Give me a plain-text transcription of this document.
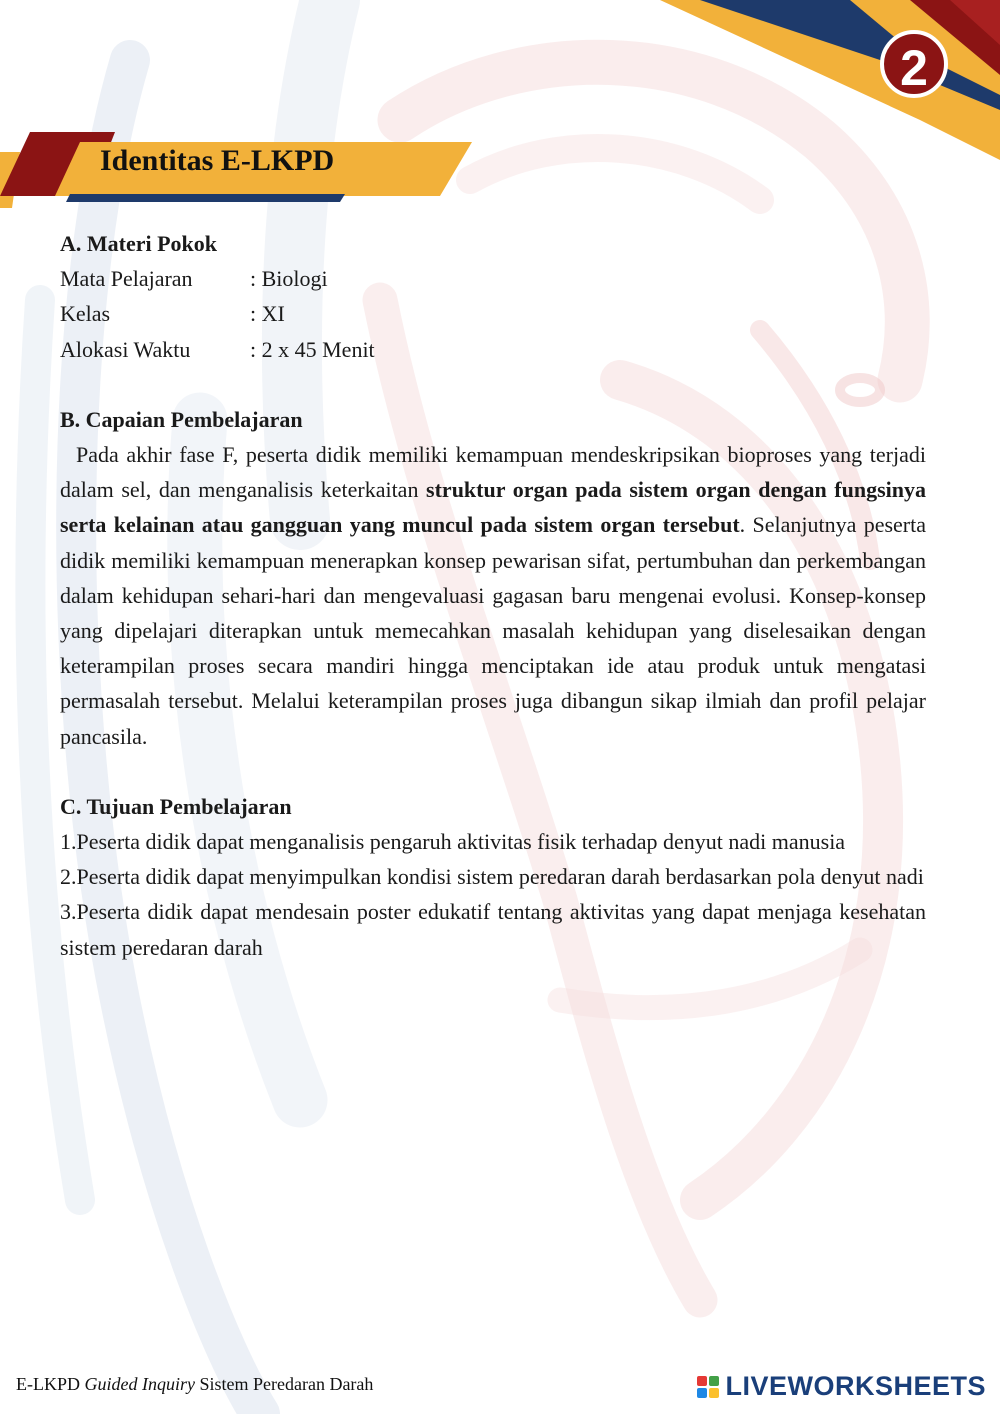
2
Identitas E-LKPD
A. Materi Pokok
Mata Pelajaran	: Biologi
Kelas	: XI
Alokasi Waktu	: 2 x 45 Menit
B. Capaian Pembelajaran
Pada akhir fase F, peserta didik memiliki kemampuan mendeskripsikan bioproses yang terjadi dalam sel, dan menganalisis keterkaitan struktur organ pada sistem organ dengan fungsinya serta kelainan atau gangguan yang muncul pada sistem organ tersebut. Selanjutnya peserta didik memiliki kemampuan menerapkan konsep pewarisan sifat, pertumbuhan dan perkembangan dalam kehidupan sehari-hari dan mengevaluasi gagasan baru mengenai evolusi. Konsep-konsep yang dipelajari diterapkan untuk memecahkan masalah kehidupan yang diselesaikan dengan keterampilan proses secara mandiri hingga menciptakan ide atau produk untuk mengatasi permasalah tersebut. Melalui keterampilan proses juga dibangun sikap ilmiah dan profil pelajar pancasila.
C. Tujuan Pembelajaran
1.Peserta didik dapat menganalisis pengaruh aktivitas fisik terhadap denyut nadi manusia
2.Peserta didik dapat menyimpulkan kondisi sistem peredaran darah berdasarkan pola denyut nadi
3.Peserta didik dapat mendesain poster edukatif tentang aktivitas yang dapat menjaga kesehatan sistem peredaran darah
E-LKPD Guided Inquiry Sistem Peredaran Darah	LIVEWORKSHEETS
